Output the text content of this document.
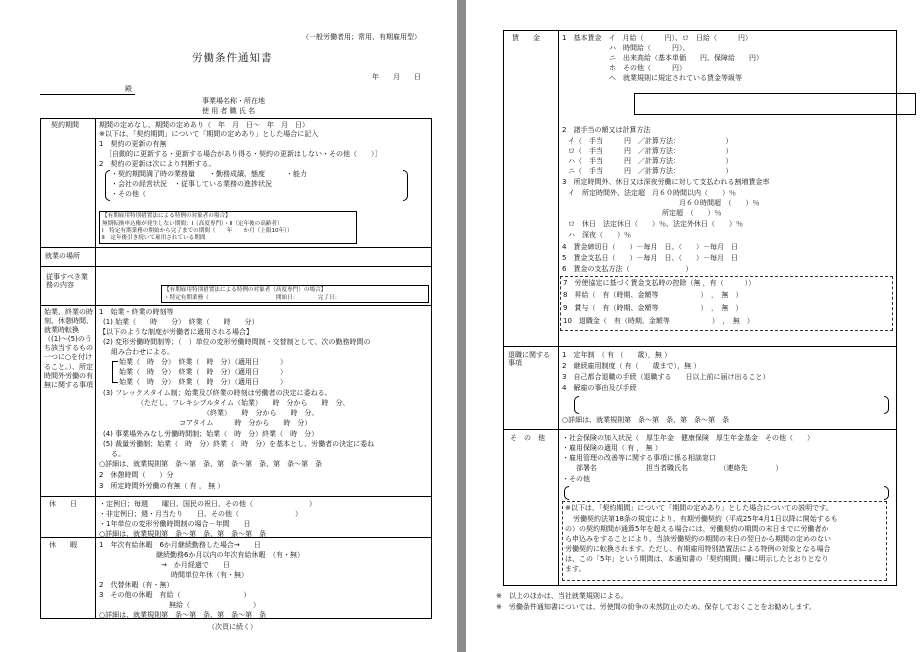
（一般労働者用；常用、有期雇用型）
労働条件通知書
年　　月　　日
殿
事業場名称・所在地
使 用 者 職 氏 名
契約期間	期間の定めなし、期間の定めあり（　年　月　日～　年　月　日）
※以下は、「契約期間」について「期間の定めあり」とした場合に記入
1　契約の更新の有無
［自動的に更新する・更新する場合があり得る・契約の更新はしない・その他（　　）］
2　契約の更新は次により判断する。
・契約期間満了時の業務量　　・勤務成績、態度　　　・能力
・会社の経営状況　・従事している業務の進捗状況
・その他（
【有期雇用特別措置法による特例の対象者の場合】
無期転換申込権が発生しない期間：Ⅰ（高度専門）・Ⅱ（定年後の高齢者）
Ⅰ　特定有期業務の開始から完了までの期間（　　年　　か月（上限10年））
Ⅱ　定年後引き続いて雇用されている期間
就業の場所
従事すべき業務の内容
【有期雇用特別措置法による特例の対象者（高度専門）の場合】
・特定有期業務（　　　　　　　　　　　　開始日：　　　　完了日：
始業、終業の時刻、休憩時間、就業時転換（(1)～(5)のうち該当するもの一つに○を付けること。）、所定時間外労働の有無に関する事項
1　始業・終業の時刻等
(1) 始業（　　時　　分）　終業（　　時　　分）
【以下のような制度が労働者に適用される場合】
(2) 変形労働時間制等；（　）単位の変形労働時間制・交替制として、次の勤務時間の
組み合わせによる。
始業（　時　分）　終業（　時　分）（適用日　　　）
始業（　時　分）　終業（　時　分）（適用日　　　）
始業（　時　分）　終業（　時　分）（適用日　　　）
(3) フレックスタイム制；始業及び終業の時刻は労働者の決定に委ねる。
（ただし、フレキシブルタイム（始業）　　時　分から　　時　分、
（終業）　　時　分から　　時　分、
コアタイム　　　時　分から　　時　分）
(4) 事業場外みなし労働時間制；始業（　時　分）終業（　時　分）
(5) 裁量労働制；始業（　時　分）終業（　時　分）を基本とし、労働者の決定に委ね
る。
○詳細は、就業規則第　条～第　条、第　条～第　条、第　条～第　条
2　休憩時間（　　）分
3　所定時間外労働の有無（ 有 ， 無 ）
休　　日	・定例日；毎週　　曜日、国民の祝日、その他（　　　　　　　　）
・非定例日；週・月当たり　　日、その他（　　　　　　　　）
・1年単位の変形労働時間制の場合－年間　　日
○詳細は、就業規則第　条～第　条、第　条～第　条
休　　暇	1　年次有給休暇　6か月継続勤務した場合→　　日
継続勤務6か月以内の年次有給休暇　（有・無）
→　か月経過で　　日
時間単位年休（有・無）
2　代替休暇（有・無）
3　その他の休暇　有給（　　　　　　　　　）
無給（　　　　　　　　　）
○詳細は、就業規則第　条～第　条、第　条～第　条
（次頁に続く）
賃　　金	1　基本賃金　イ　月給（　　　円）、ロ　日給（　　　円）
ハ　時間給（　　　円）、
ニ　出来高給（基本単価　　円、保障給　　円）
ホ　その他（　　　円）
ヘ　就業規則に規定されている賃金等級等
2　諸手当の額又は計算方法
イ（　手当　　　円　／計算方法：　　　　　　　）
ロ（　手当　　　円　／計算方法：　　　　　　　）
ハ（　手当　　　円　／計算方法：　　　　　　　）
ニ（　手当　　　円　／計算方法：　　　　　　　）
3　所定時間外、休日又は深夜労働に対して支払われる割増賃金率
イ　所定時間外、法定超　月６０時間以内（　　）％
月６０時間超　（　　）％
所定超　（　　）％
ロ　休日　法定休日（　　）％、法定外休日（　　）％
ハ　深夜（　　）％
4　賃金締切日（　　）－毎月　日、（　　）－毎月　日
5　賃金支払日（　　）－毎月　日、（　　）－毎月　日
6　賃金の支払方法（　　　　　　　　）
7　労使協定に基づく賃金支払時の控除（無 ，有（　　　））
8　昇給（　有（時期、金額等　　　　　　）　，　無　）
9　賞与（　有（時期、金額等　　　　　　）　，　無　）
10　退職金（　有（時期、金額等　　　　　　）　，　無　）
退職に関する事項
1　定年制　（ 有 （　　歳），無 ）
2　継続雇用制度（ 有（　　歳まで），無 ）
3　自己都合退職の手続（退職する　　日以上前に届け出ること）
4　解雇の事由及び手続
○詳細は、就業規則第　条～第　条、第　条～第　条
そ　の　他 ・社会保険の加入状況（　厚生年金　健康保険　厚生年金基金　その他（　　）
・雇用保険の適用（ 有 ， 無 ）
・雇用管理の改善等に関する事項に係る相談窓口
部署名　　　　　　　担当者職氏名　　　　　（連絡先　　　　）
・その他
※以下は、「契約期間」について「期間の定めあり」とした場合についての説明です。
労働契約法第18条の規定により、有期労働契約（平成25年4月1日以降に開始するも
の）の契約期間が通算5年を超える場合には、労働契約の期間の末日までに労働者か
ら申込みをすることにより、当該労働契約の期間の末日の翌日から期間の定めのない
労働契約に転換されます。ただし、有期雇用特別措置法による特例の対象となる場合
は、この「5年」という期間は、本通知書の「契約期間」欄に明示したとおりとなり
ます。
※　以上のほかは、当社就業規則による。
※　労働条件通知書については、労使間の紛争の未然防止のため、保存しておくことをお勧めします。
